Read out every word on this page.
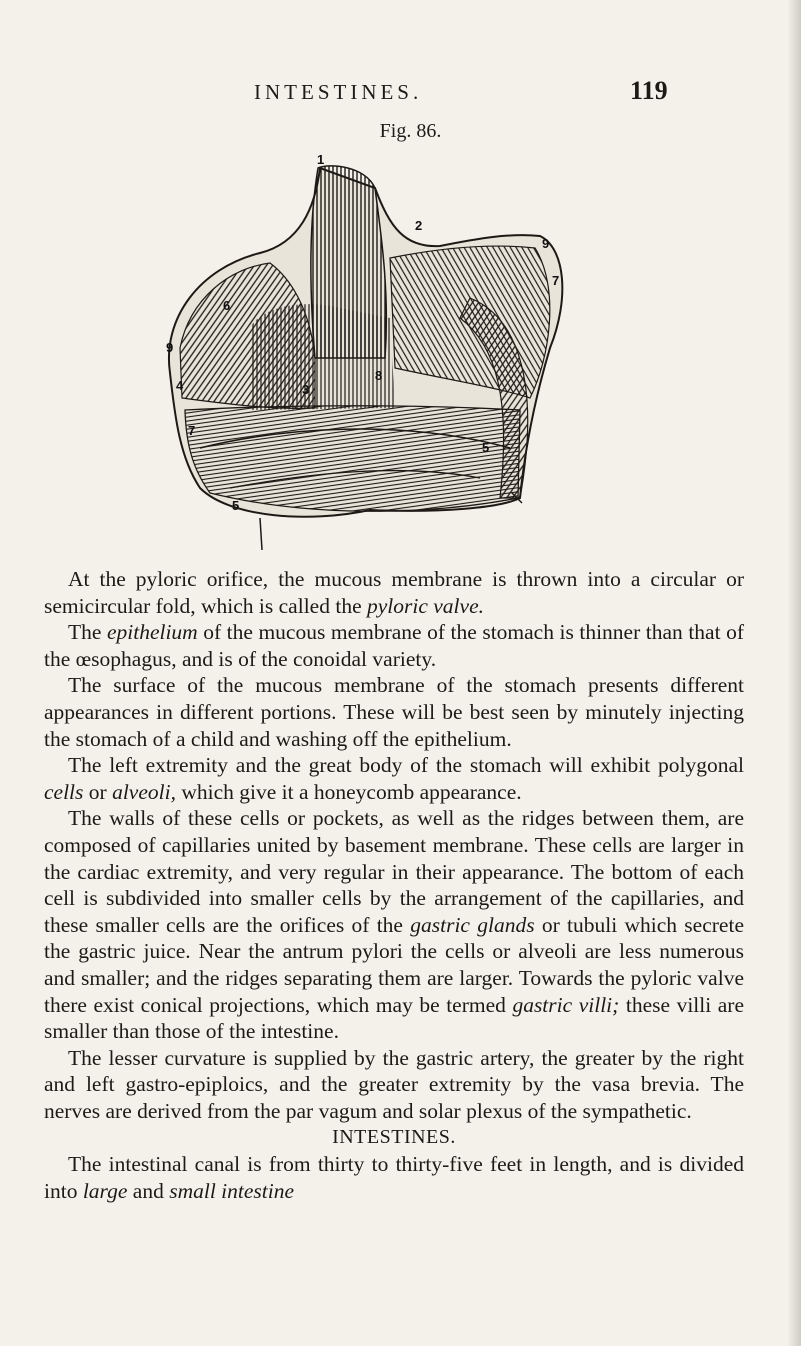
INTESTINES.	119
Fig. 86.
1
2
3
4
5
5
6
7
7
8
9
9

At the pyloric orifice, the mucous membrane is thrown into a circular or semicircular fold, which is called the pyloric valve.

The epithelium of the mucous membrane of the stomach is thinner than that of the œsophagus, and is of the conoidal variety.

The surface of the mucous membrane of the stomach presents different appearances in different portions. These will be best seen by minutely injecting the stomach of a child and washing off the epithelium.

The left extremity and the great body of the stomach will exhibit polygonal cells or alveoli, which give it a honeycomb appearance.

The walls of these cells or pockets, as well as the ridges between them, are composed of capillaries united by basement membrane. These cells are larger in the cardiac extremity, and very regular in their appearance. The bottom of each cell is subdivided into smaller cells by the arrangement of the capillaries, and these smaller cells are the orifices of the gastric glands or tubuli which secrete the gastric juice. Near the antrum pylori the cells or alveoli are less numerous and smaller; and the ridges separating them are larger. Towards the pyloric valve there exist conical projections, which may be termed gastric villi; these villi are smaller than those of the intestine.

The lesser curvature is supplied by the gastric artery, the greater by the right and left gastro-epiploics, and the greater extremity by the vasa brevia. The nerves are derived from the par vagum and solar plexus of the sympathetic.

INTESTINES.

The intestinal canal is from thirty to thirty-five feet in length, and is divided into large and small intestine
